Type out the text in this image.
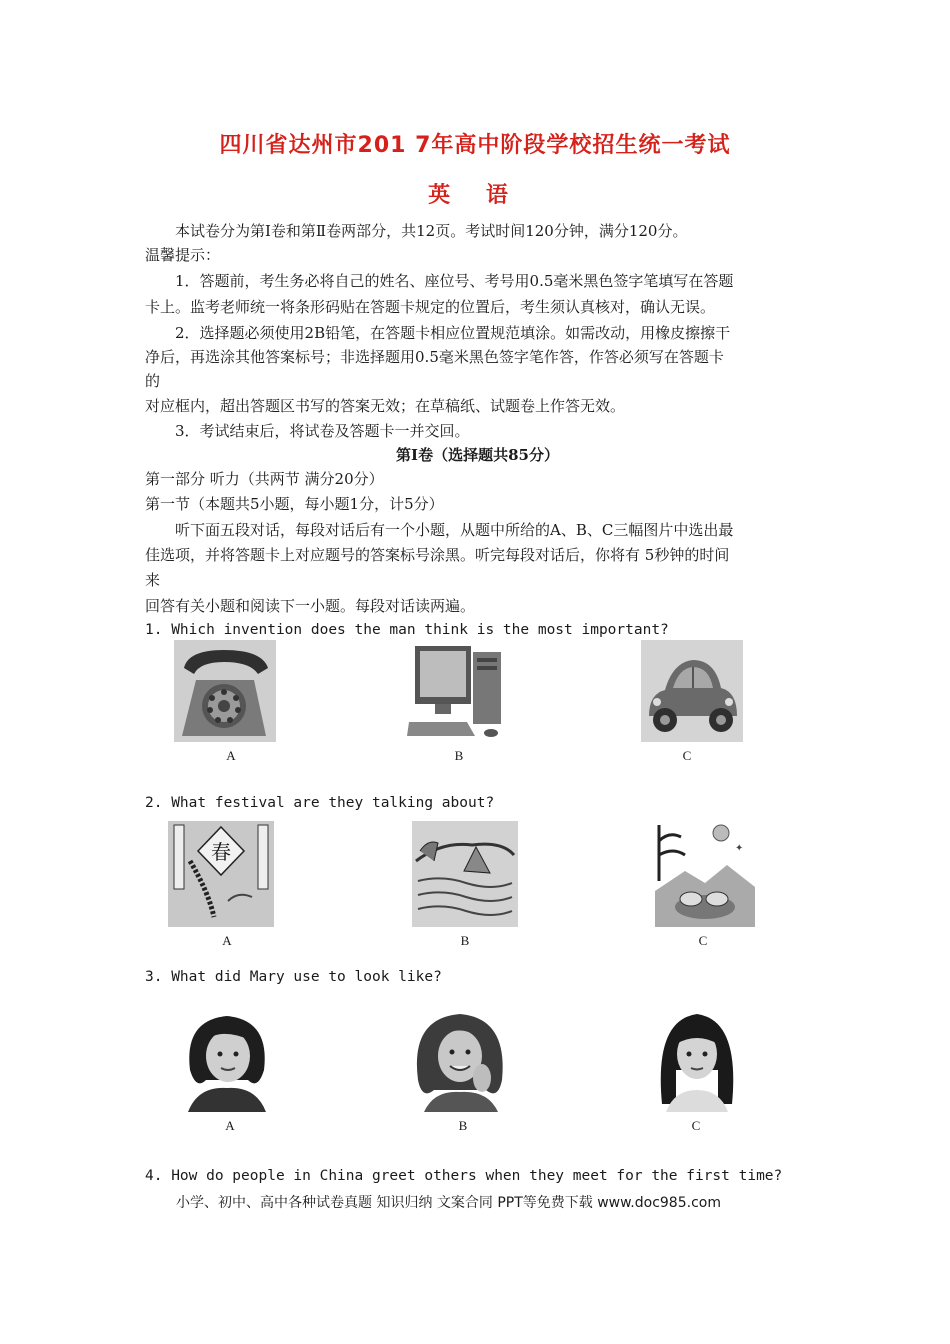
四川省达州市201 7年高中阶段学校招生统一考试
英 语
本试卷分为第Ⅰ卷和第Ⅱ卷两部分，共12页。考试时间120分钟，满分120分。
温馨提示：
1．答题前，考生务必将自己的姓名、座位号、考号用0.5毫米黑色签字笔填写在答题
卡上。监考老师统一将条形码贴在答题卡规定的位置后，考生须认真核对，确认无误。
2．选择题必须使用2B铅笔，在答题卡相应位置规范填涂。如需改动，用橡皮擦擦干
净后，再选涂其他答案标号；非选择题用0.5毫米黑色签字笔作答，作答必须写在答题卡
的
对应框内，超出答题区书写的答案无效；在草稿纸、试题卷上作答无效。
3．考试结束后，将试卷及答题卡一并交回。
第Ⅰ卷（选择题共85分）
第一部分 听力（共两节 满分20分）
第一节（本题共5小题，每小题1分，计5分）
听下面五段对话，每段对话后有一个小题，从题中所给的A、B、C三幅图片中选出最
佳选项，并将答题卡上对应题号的答案标号涂黑。听完每段对话后，你将有 5秒钟的时间
来
回答有关小题和阅读下一小题。每段对话读两遍。
1. Which invention does the man think is the most important?
A	B	C
2. What festival are they talking about?
春	✦
A	B	C
3. What did Mary use to look like?
A	B	C
4. How do people in China greet others when they meet for the first time?
小学、初中、高中各种试卷真题 知识归纳 文案合同 PPT等免费下载 www.doc985.com
